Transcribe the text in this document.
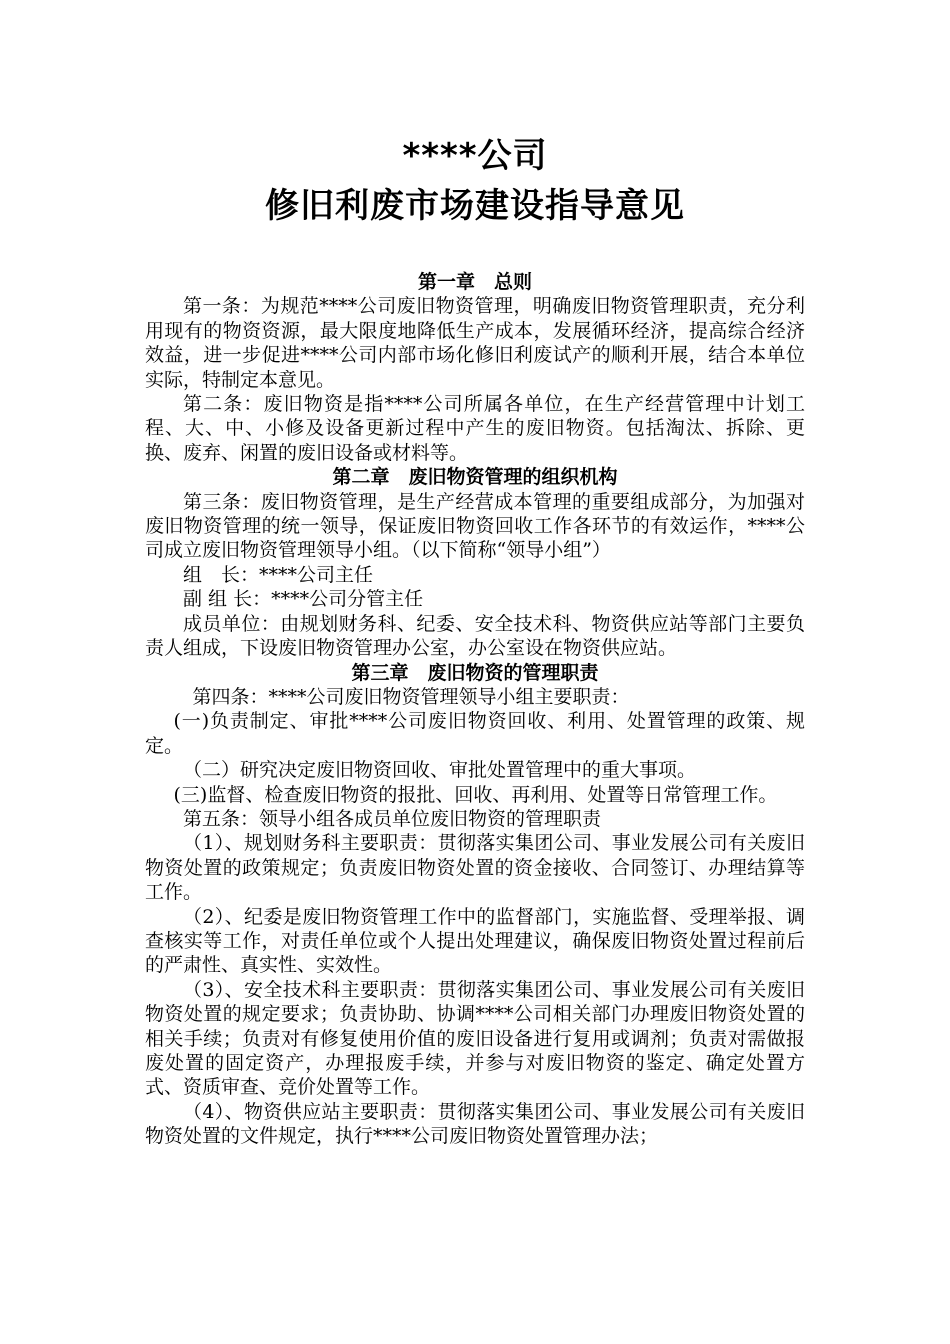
****公司
修旧利废市场建设指导意见

第一章　总则

第一条：为规范****公司废旧物资管理，明确废旧物资管理职责，充分利用现有的物资资源，最大限度地降低生产成本，发展循环经济，提高综合经济效益，进一步促进****公司内部市场化修旧利废试产的顺利开展，结合本单位实际，特制定本意见。

第二条：废旧物资是指****公司所属各单位，在生产经营管理中计划工程、大、中、小修及设备更新过程中产生的废旧物资。包括淘汰、拆除、更换、废弃、闲置的废旧设备或材料等。

第二章　废旧物资管理的组织机构

第三条：废旧物资管理，是生产经营成本管理的重要组成部分，为加强对废旧物资管理的统一领导，保证废旧物资回收工作各环节的有效运作，****公司成立废旧物资管理领导小组。（以下简称“领导小组”）

组　长：****公司主任

副 组 长：****公司分管主任

成员单位：由规划财务科、纪委、安全技术科、物资供应站等部门主要负责人组成，下设废旧物资管理办公室，办公室设在物资供应站。

第三章　废旧物资的管理职责

第四条：****公司废旧物资管理领导小组主要职责：

(一)负责制定、审批****公司废旧物资回收、利用、处置管理的政策、规定。

（二）研究决定废旧物资回收、审批处置管理中的重大事项。

(三)监督、检查废旧物资的报批、回收、再利用、处置等日常管理工作。

第五条：领导小组各成员单位废旧物资的管理职责

（1）、规划财务科主要职责：贯彻落实集团公司、事业发展公司有关废旧物资处置的政策规定；负责废旧物资处置的资金接收、合同签订、办理结算等工作。

（2）、纪委是废旧物资管理工作中的监督部门，实施监督、受理举报、调查核实等工作，对责任单位或个人提出处理建议，确保废旧物资处置过程前后的严肃性、真实性、实效性。

（3）、安全技术科主要职责：贯彻落实集团公司、事业发展公司有关废旧物资处置的规定要求；负责协助、协调****公司相关部门办理废旧物资处置的相关手续；负责对有修复使用价值的废旧设备进行复用或调剂；负责对需做报废处置的固定资产，办理报废手续，并参与对废旧物资的鉴定、确定处置方式、资质审查、竞价处置等工作。

（4）、物资供应站主要职责：贯彻落实集团公司、事业发展公司有关废旧物资处置的文件规定，执行****公司废旧物资处置管理办法；
